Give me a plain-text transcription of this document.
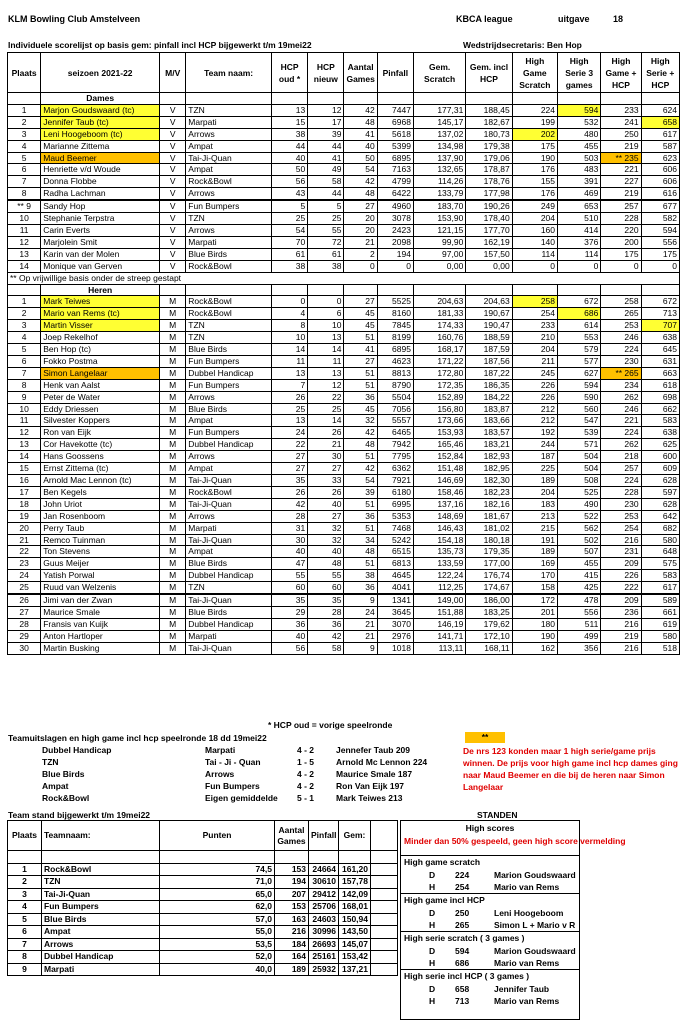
KLM Bowling Club Amstelveen	KBCA league	uitgave	18
Individuele scorelijst op basis gem: pinfall incl HCP bijgewerkt t/m 19mei22	Wedstrijdsecretaris: Ben Hop
Plaats	seizoen 2021-22	M/V	Team naam:	HCP oud *	HCP nieuw	Aantal Games	Pinfall	Gem. Scratch	Gem. incl HCP	High Game Scratch	High Serie 3 games	High Game + HCP	High Serie + HCP
	Dames												
1	Marjon Goudswaard (tc)	V	TZN	13	12	42	7447	177,31	188,45	224	594	233	624
2	Jennifer Taub (tc)	V	Marpati	15	17	48	6968	145,17	182,67	199	532	241	658
3	Leni Hoogeboom (tc)	V	Arrows	38	39	41	5618	137,02	180,73	202	480	250	617
4	Marianne Zittema	V	Ampat	44	44	40	5399	134,98	179,38	175	455	219	587
5	Maud Beemer	V	Tai-Ji-Quan	40	41	50	6895	137,90	179,06	190	503	** 235	623
6	Henriette v/d Woude	V	Ampat	50	49	54	7163	132,65	178,87	176	483	221	606
7	Donna Flobbe	V	Rock&Bowl	56	58	42	4799	114,26	178,76	155	391	227	606
8	Radha Lachman	V	Arrows	43	44	48	6422	133,79	177,98	176	469	219	616
** 9	Sandy Hop	V	Fun Bumpers	5	5	27	4960	183,70	190,26	249	653	257	677
10	Stephanie Terpstra	V	TZN	25	25	20	3078	153,90	178,40	204	510	228	582
11	Carin Everts	V	Arrows	54	55	20	2423	121,15	177,70	160	414	220	594
12	Marjolein Smit	V	Marpati	70	72	21	2098	99,90	162,19	140	376	200	556
13	Karin van der Molen	V	Blue Birds	61	61	2	194	97,00	157,50	114	114	175	175
14	Monique van Gerven	V	Rock&Bowl	38	38	0	0	0,00	0,00	0	0	0	0
** Op vrijwillige basis onder de streep gestapt													
	Heren												
1	Mark Teiwes	M	Rock&Bowl	0	0	27	5525	204,63	204,63	258	672	258	672
2	Mario van Rems (tc)	M	Rock&Bowl	4	6	45	8160	181,33	190,67	254	686	265	713
3	Martin Visser	M	TZN	8	10	45	7845	174,33	190,47	233	614	253	707
4	Joep Rekelhof	M	TZN	10	13	51	8199	160,76	188,59	210	553	246	638
5	Ben Hop (tc)	M	Blue Birds	14	14	41	6895	168,17	187,59	204	579	224	645
6	Fokko Postma	M	Fun Bumpers	11	11	27	4623	171,22	187,56	211	577	230	631
7	Simon Langelaar	M	Dubbel Handicap	13	13	51	8813	172,80	187,22	245	627	** 265	663
8	Henk van Aalst	M	Fun Bumpers	7	12	51	8790	172,35	186,35	226	594	234	618
9	Peter de Water	M	Arrows	26	22	36	5504	152,89	184,22	226	590	262	698
10	Eddy Driessen	M	Blue Birds	25	25	45	7056	156,80	183,87	212	560	246	662
11	Silvester Koppers	M	Ampat	13	14	32	5557	173,66	183,66	212	547	221	583
12	Ron van Eijk	M	Fun Bumpers	24	26	42	6465	153,93	183,57	192	539	224	638
13	Cor Havekotte (tc)	M	Dubbel Handicap	22	21	48	7942	165,46	183,21	244	571	262	625
14	Hans Goossens	M	Arrows	27	30	51	7795	152,84	182,93	187	504	218	600
15	Ernst Zittema (tc)	M	Ampat	27	27	42	6362	151,48	182,95	225	504	257	609
16	Arnold Mac Lennon (tc)	M	Tai-Ji-Quan	35	33	54	7921	146,69	182,30	189	508	224	628
17	Ben Kegels	M	Rock&Bowl	26	26	39	6180	158,46	182,23	204	525	228	597
18	John Uriot	M	Tai-Ji-Quan	42	40	51	6995	137,16	182,16	183	490	230	628
19	Jan Rosenboom	M	Arrows	28	27	36	5353	148,69	181,67	213	522	253	642
20	Perry Taub	M	Marpati	31	32	51	7468	146,43	181,02	215	562	254	682
21	Remco Tuinman	M	Tai-Ji-Quan	30	32	34	5242	154,18	180,18	191	502	216	580
22	Ton Stevens	M	Ampat	40	40	48	6515	135,73	179,35	189	507	231	648
23	Guus Meijer	M	Blue Birds	47	48	51	6813	133,59	177,00	169	455	209	575
24	Yatish Porwal	M	Dubbel Handicap	55	55	38	4645	122,24	176,74	170	415	226	583
25	Ruud van Welzenis	M	TZN	60	60	36	4041	112,25	174,67	158	425	222	617
26	Jimi van der Zwan	M	Tai-Ji-Quan	35	35	9	1341	149,00	186,00	172	478	209	589
27	Maurice Smale	M	Blue Birds	29	28	24	3645	151,88	183,25	201	556	236	661
28	Fransis van Kuijk	M	Dubbel Handicap	36	36	21	3070	146,19	179,62	180	511	216	619
29	Anton Hartloper	M	Marpati	40	42	21	2976	141,71	172,10	190	499	219	580
30	Martin Busking	M	Tai-Ji-Quan	56	58	9	1018	113,11	168,11	162	356	216	518
* HCP oud = vorige speelronde
Teamuitslagen en high game incl hcp speelronde 18 dd 19mei22	**
Dubbel Handicap	Marpati	4 - 2	Jennefer Taub 209
TZN	Tai - Ji - Quan	1 - 5	Arnold Mc Lennon 224
Blue Birds	Arrows	4 - 2	Maurice Smale 187
Ampat	Fun Bumpers	4 - 2	Ron Van Eijk 197
Rock&Bowl	Eigen gemiddelde 5 - 1	Mark Teiwes 213
De nrs 123 konden maar 1 high serie/game prijs winnen. De prijs voor high game incl hcp dames ging naar Maud Beemer en die bij de heren naar Simon Langelaar
Team stand bijgewerkt t/m 19mei22	STANDEN
Plaats	Teamnaam:	Punten	Aantal Games	Pinfall	Gem:	

1	Rock&Bowl	74,5	153	24664	161,20	
2	TZN	71,0	194	30610	157,78	
3	Tai-Ji-Quan	65,0	207	29412	142,09	
4	Fun Bumpers	62,0	153	25706	168,01	
5	Blue Birds	57,0	163	24603	150,94	
6	Ampat	55,0	216	30996	143,50	
7	Arrows	53,5	184	26693	145,07	
8	Dubbel Handicap	52,0	164	25161	153,42	
9	Marpati	40,0	189	25932	137,21	
High scores
Minder dan 50% gespeeld, geen high score vermelding
High game scratch
D 224	Marion Goudswaard
H 254	Mario van Rems
High game incl HCP
D 250	Leni Hoogeboom
H 265	Simon L + Mario v R
High serie scratch ( 3 games )
D 594	Marion Goudswaard
H 686	Mario van Rems
High serie incl HCP ( 3 games )
D 658	Jennifer Taub
H 713	Mario van Rems
